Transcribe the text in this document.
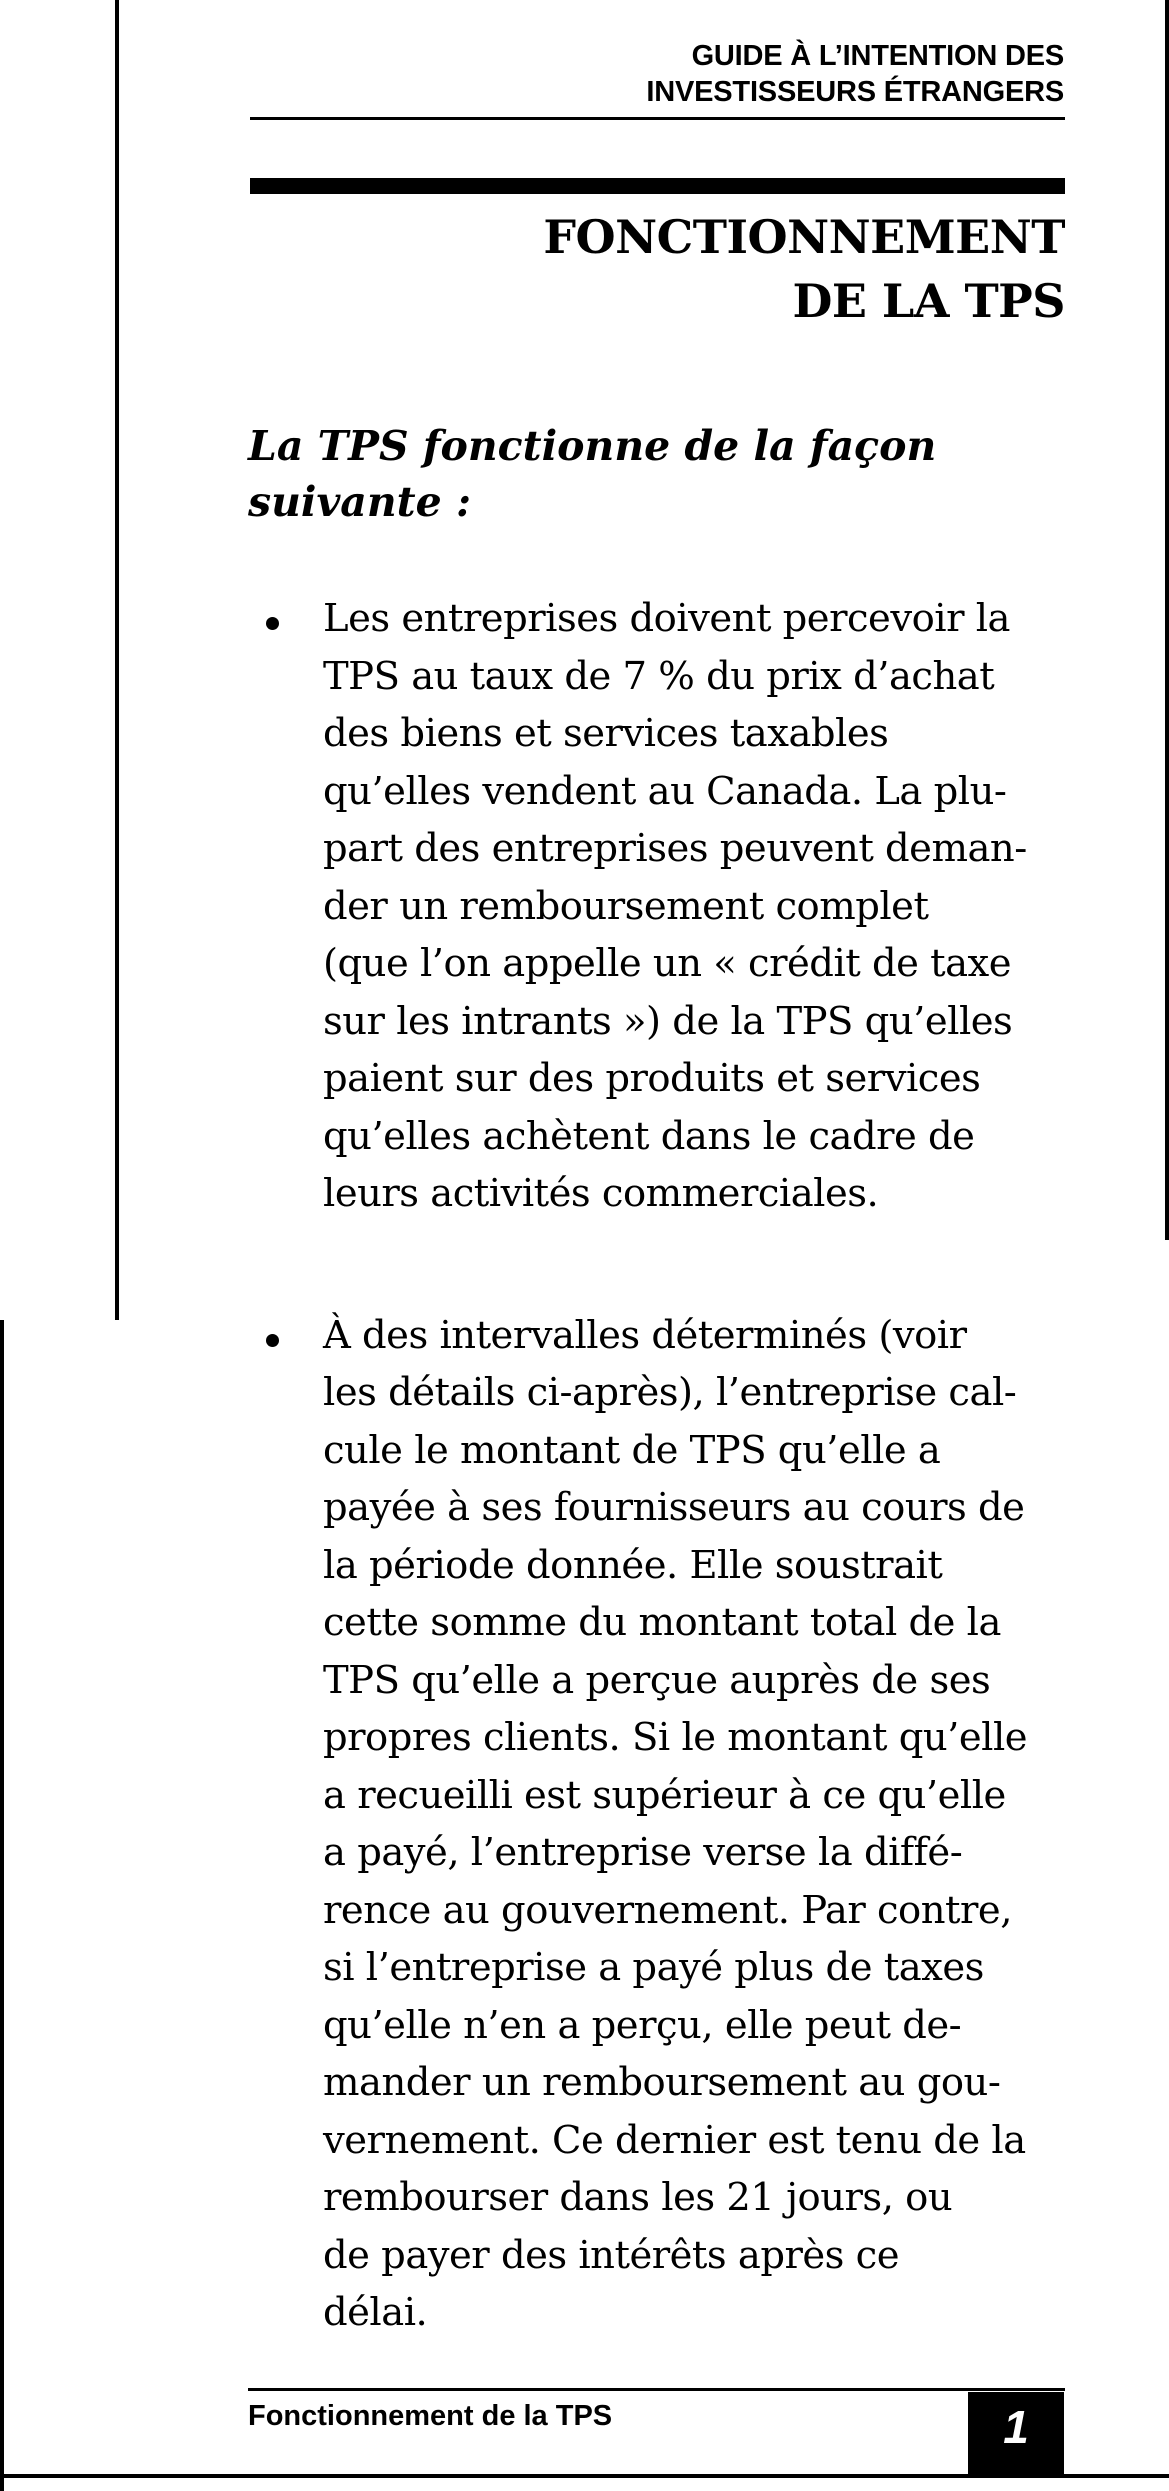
GUIDE À L’INTENTION DES
INVESTISSEURS ÉTRANGERS
FONCTIONNEMENT
DE LA TPS
La TPS fonctionne de la façon
suivante :
Les entreprises doivent percevoir la
TPS au taux de 7 % du prix d’achat
des biens et services taxables
qu’elles vendent au Canada. La plu-
part des entreprises peuvent deman-
der un remboursement complet
(que l’on appelle un « crédit de taxe
sur les intrants ») de la TPS qu’elles
paient sur des produits et services
qu’elles achètent dans le cadre de
leurs activités commerciales.
À des intervalles déterminés (voir
les détails ci-après), l’entreprise cal-
cule le montant de TPS qu’elle a
payée à ses fournisseurs au cours de
la période donnée. Elle soustrait
cette somme du montant total de la
TPS qu’elle a perçue auprès de ses
propres clients. Si le montant qu’elle
a recueilli est supérieur à ce qu’elle
a payé, l’entreprise verse la diffé-
rence au gouvernement. Par contre,
si l’entreprise a payé plus de taxes
qu’elle n’en a perçu, elle peut de-
mander un remboursement au gou-
vernement. Ce dernier est tenu de la
rembourser dans les 21 jours, ou
de payer des intérêts après ce
délai.
Fonctionnement de la TPS	1
